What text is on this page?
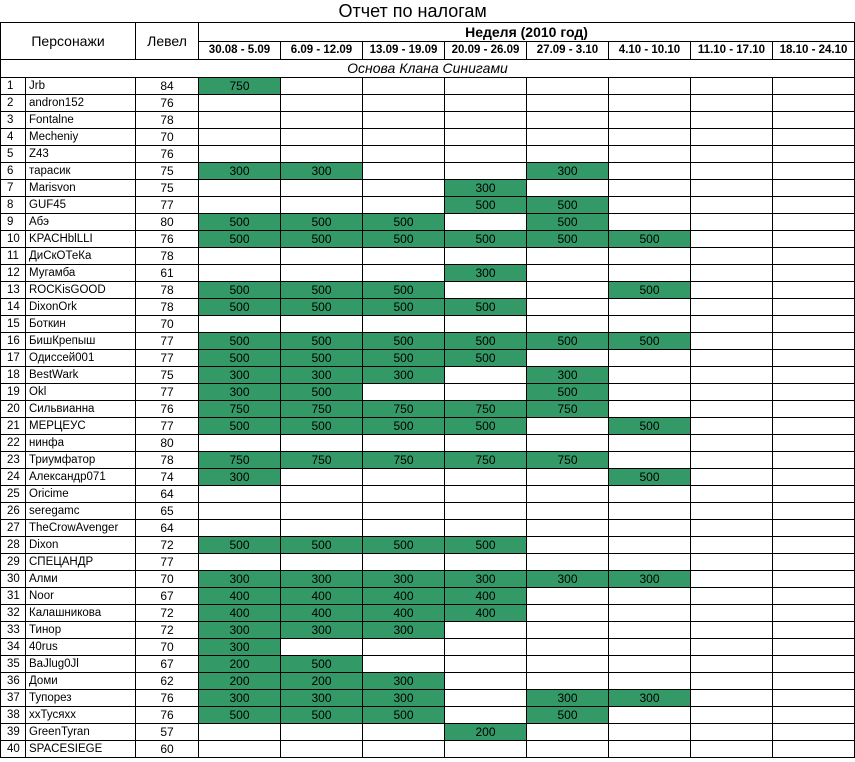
			Отчет по налогам							
Персонажи		Левел	Неделя (2010 год)							
			30.08 - 5.09	6.09 - 12.09	13.09 - 19.09	20.09 - 26.09	27.09 - 3.10	4.10 - 10.10	11.10 - 17.10	18.10 - 24.10
Основа Клана Синигами										
1	Jrb	84	750							
2	andron152	76								
3	Fontalne	78								
4	Mecheniy	70								
5	Z43	76								
6	тарасик	75	300	300			300			
7	Marisvon	75				300				
8	GUF45	77				500	500			
9	Абэ	80	500	500	500		500			
10	KPACHblLLI	76	500	500	500	500	500	500		
11	ДиСкОТеКа	78								
12	Мугамба	61				300				
13	ROCKisGOOD	78	500	500	500			500		
14	DixonOrk	78	500	500	500	500				
15	Боткин	70								
16	БишКрепыш	77	500	500	500	500	500	500		
17	Одиссей001	77	500	500	500	500				
18	BestWark	75	300	300	300		300			
19	Okl	77	300	500			500			
20	Сильвианна	76	750	750	750	750	750			
21	МЕРЦЕУС	77	500	500	500	500		500		
22	нинфа	80								
23	Триумфатор	78	750	750	750	750	750			
24	Александр071	74	300					500		
25	Oricime	64								
26	seregamc	65								
27	TheCrowAvenger	64								
28	Dixon	72	500	500	500	500				
29	СПЕЦАНДР	77								
30	Алми	70	300	300	300	300	300	300		
31	Noor	67	400	400	400	400				
32	Калашникова	72	400	400	400	400				
33	Тинор	72	300	300	300					
34	40rus	70	300							
35	BaJlug0Jl	67	200	500						
36	Доми	62	200	200	300					
37	Тупорез	76	300	300	300		300	300		
38	xxТусяxx	76	500	500	500		500			
39	GreenTyran	57				200				
40	SPACESIEGE	60								
